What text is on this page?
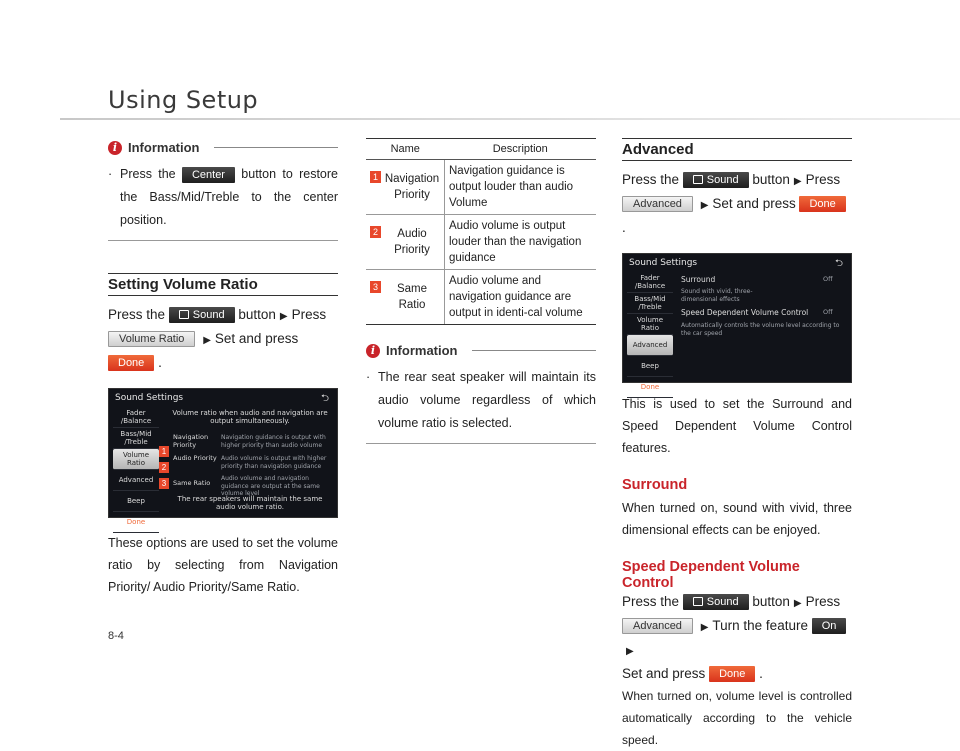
Using Setup
i Information
· Press the Center button to restore the Bass/Mid/Treble to the center position.
Setting Volume Ratio
Press the	Sound button ▶ Press
Volume Ratio ▶ Set and press
Done .
Sound Settings	⮌
Fader /Balance
Bass/Mid /Treble
Volume Ratio
Advanced
Beep
Done
Volume ratio when audio and navigation are output simultaneously.
1
Navigation Priority
Navigation guidance is output with higher priority than audio volume
2
Audio Priority Audio volume is output with higher priority than navigation guidance
3	Same Ratio
Audio volume and navigation guidance are output at the same volume level
The rear speakers will maintain the same audio volume ratio.
These options are used to set the volume ratio by selecting from Navigation Priority/ Audio Priority/Same Ratio.
Name	Description

1 Navigation Priority	Navigation guidance is output louder than audio Volume

2 Audio Priority	Audio volume is output louder than the navigation guidance

3 Same Ratio	Audio volume and navigation guidance are output in identi-cal volume
i Information
· The rear seat speaker will maintain its audio volume regardless of which volume ratio is selected.
Advanced
Press the	Sound button ▶ Press
Advanced ▶ Set and press Done .
Sound Settings	⮌
Fader /Balance
Bass/Mid /Treble
Volume Ratio
Advanced
Beep
Done
Surround	Off
Sound with vivid, three-dimensional effects
Speed Dependent Volume Control Off
Automatically controls the volume level according to the car speed
This is used to set the Surround and Speed Dependent Volume Control features.
Surround
When turned on, sound with vivid, three dimensional effects can be enjoyed.
Speed Dependent Volume Control
Press the	Sound button ▶ Press
Advanced ▶ Turn the feature On ▶
Set and press Done .
When turned on, volume level is controlled automatically according to the vehicle speed.
8-4
